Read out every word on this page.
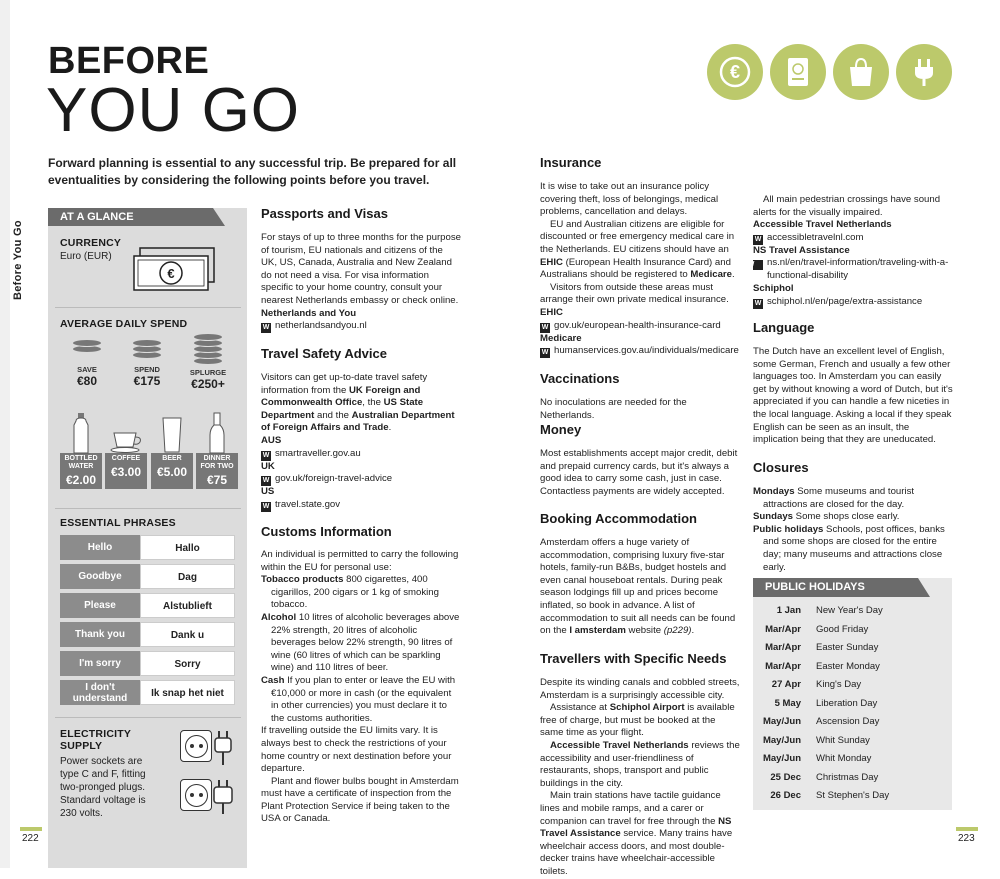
Before You Go
BEFORE
YOU GO
Forward planning is essential to any successful trip. Be prepared for all eventualities by considering the following points before you travel.
€
AT A GLANCE
CURRENCY
Euro (EUR)
€
AVERAGE DAILY SPEND
SAVE
€80
SPEND
€175
SPLURGE
€250+
BOTTLED WATER
€2.00
COFFEE
€3.00
BEER
€5.00
DINNER FOR TWO
€75
ESSENTIAL PHRASES
Hello	Hallo
Goodbye	Dag
Please	Alstublieft
Thank you	Dank u
I'm sorry	Sorry
I don't understand	Ik snap het niet
ELECTRICITY SUPPLY
Power sockets are type C and F, fitting two-pronged plugs. Standard voltage is 230 volts.
Passports and Visas

For stays of up to three months for the purpose of tourism, EU nationals and citizens of the UK, US, Canada, Australia and New Zealand do not need a visa. For visa information specific to your home country, consult your nearest Netherlands embassy or check online.

Netherlands and You

W netherlandsandyou.nl

Travel Safety Advice

Visitors can get up-to-date travel safety information from the UK Foreign and Commonwealth Office, the US State Department and the Australian Department of Foreign Affairs and Trade.

AUS

W smartraveller.gov.au

UK

W gov.uk/foreign-travel-advice

US

W travel.state.gov

Customs Information

An individual is permitted to carry the following within the EU for personal use:

Tobacco products 800 cigarettes, 400 cigarillos, 200 cigars or 1 kg of smoking tobacco.

Alcohol 10 litres of alcoholic beverages above 22% strength, 20 litres of alcoholic beverages below 22% strength, 90 litres of wine (60 litres of which can be sparkling wine) and 110 litres of beer.

Cash If you plan to enter or leave the EU with €10,000 or more in cash (or the equivalent in other currencies) you must declare it to the customs authorities.

If travelling outside the EU limits vary. It is always best to check the restrictions of your home country or next destination before your departure.

Plant and flower bulbs bought in Amsterdam must have a certificate of inspection from the Plant Protection Service if being taken to the USA or Canada.

Insurance

It is wise to take out an insurance policy covering theft, loss of belongings, medical problems, cancellation and delays.

EU and Australian citizens are eligible for discounted or free emergency medical care in the Netherlands. EU citizens should have an EHIC (European Health Insurance Card) and Australians should be registered to Medicare.

Visitors from outside these areas must arrange their own private medical insurance.

EHIC

W gov.uk/european-health-insurance-card

Medicare

W humanservices.gov.au/individuals/medicare

Vaccinations
No inoculations are needed for the Netherlands.
Money
Most establishments accept major credit, debit and prepaid currency cards, but it's always a good idea to carry some cash, just in case. Contactless payments are widely accepted.
Booking Accommodation

Amsterdam offers a huge variety of accommodation, comprising luxury five-star hotels, family-run B&Bs, budget hostels and even canal houseboat rentals. During peak season lodgings fill up and prices become inflated, so book in advance. A list of accommodation to suit all needs can be found on the I amsterdam website (p229).

Travellers with Specific Needs

Despite its winding canals and cobbled streets, Amsterdam is a surprisingly accessible city.

Assistance at Schiphol Airport is available free of charge, but must be booked at the same time as your flight.

Accessible Travel Netherlands reviews the accessibility and user-friendliness of restaurants, shops, transport and public buildings in the city.

Main train stations have tactile guidance lines and mobile ramps, and a carer or companion can travel for free through the NS Travel Assistance service. Many trains have wheelchair access doors, and most double-decker trains have wheelchair-accessible toilets.

All main pedestrian crossings have sound alerts for the visually impaired.

Accessible Travel Netherlands

W accessibletravelnl.com

NS Travel Assistance

W ns.nl/en/travel-information/traveling-with-a-functional-disability

Schiphol

W schiphol.nl/en/page/extra-assistance

Language
The Dutch have an excellent level of English, some German, French and usually a few other languages too. In Amsterdam you can easily get by without knowing a word of Dutch, but it's appreciated if you can handle a few niceties in the local language. Asking a local if they speak English can be seen as an insult, the implication being that they are uneducated.
Closures

Mondays Some museums and tourist attractions are closed for the day.

Sundays Some shops close early.

Public holidays Schools, post offices, banks and some shops are closed for the entire day; many museums and attractions close early.

PUBLIC HOLIDAYS
1 Jan New Year's Day
Mar/Apr Good Friday
Mar/Apr Easter Sunday
Mar/Apr Easter Monday
27 Apr King's Day
5 May Liberation Day
May/Jun Ascension Day
May/Jun Whit Sunday
May/Jun Whit Monday
25 Dec Christmas Day
26 Dec St Stephen's Day
222	223
